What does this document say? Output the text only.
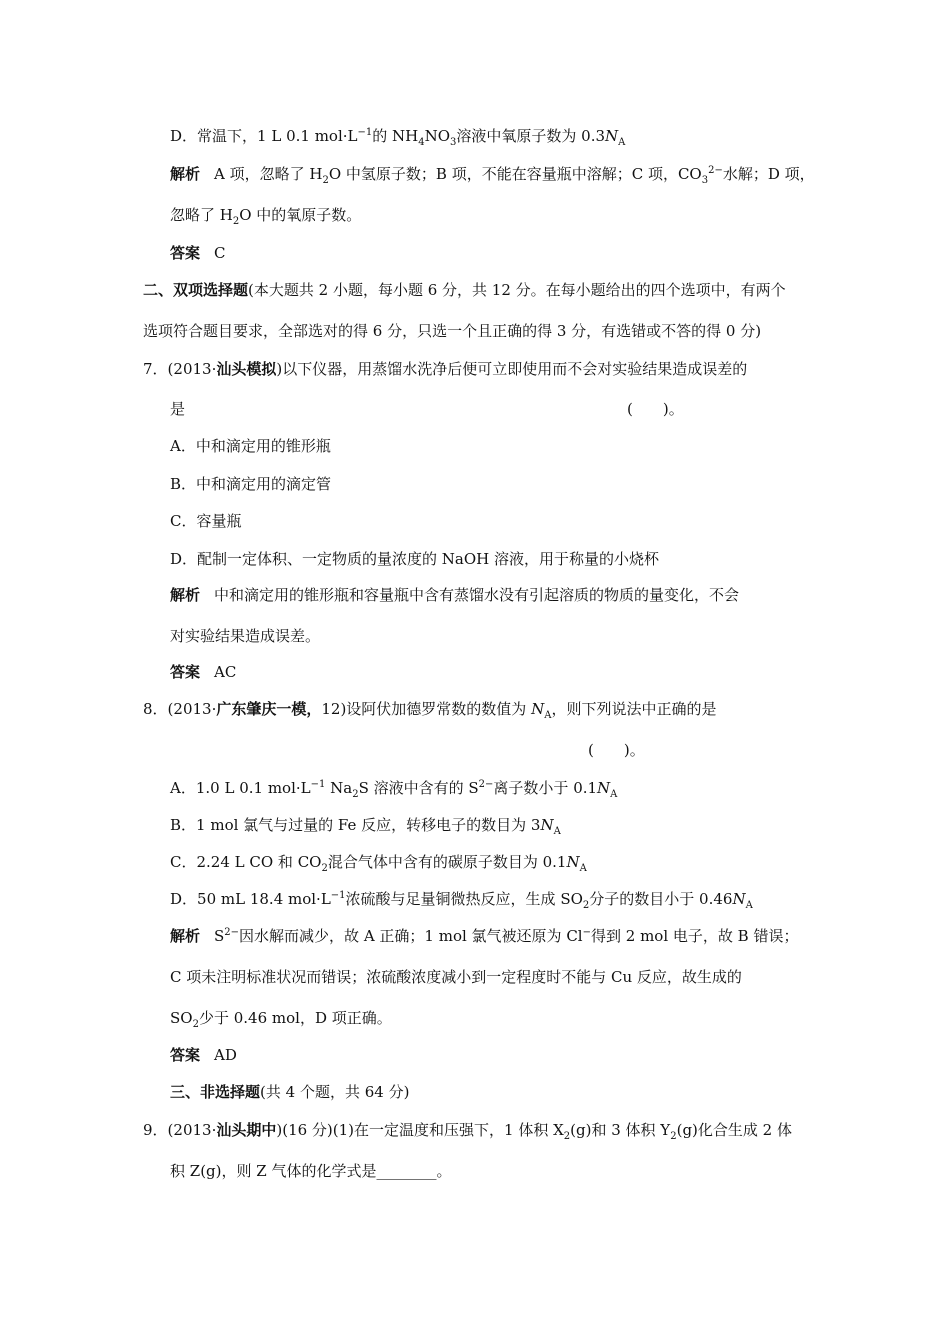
D．常温下，1 L 0.1 $mol\cdot L^{-1}$的 $NH_4NO_3$溶液中氧原子数为 $0.3N_A$
解析 A 项，忽略了 $H_2O$ 中氢原子数；B 项，不能在容量瓶中溶解；C 项，$CO_3^{2-}$水解；D 项，
忽略了 $H_2O$ 中的氧原子数。
答案 C
二、双项选择题(本大题共 2 小题，每小题 6 分，共 12 分。在每小题给出的四个选项中，有两个
选项符合题目要求，全部选对的得 6 分，只选一个且正确的得 3 分，有选错或不答的得 0 分)
7．(2013·汕头模拟)以下仪器，用蒸馏水洗净后便可立即使用而不会对实验结果造成误差的
是	(　　)。
A．中和滴定用的锥形瓶
B．中和滴定用的滴定管
C．容量瓶
D．配制一定体积、一定物质的量浓度的 NaOH 溶液，用于称量的小烧杯
解析 中和滴定用的锥形瓶和容量瓶中含有蒸馏水没有引起溶质的物质的量变化，不会
对实验结果造成误差。
答案 AC
8．(2013·广东肇庆一模，12)设阿伏加德罗常数的数值为 $N_A$，则下列说法中正确的是
(　　)。
A．1.0 L 0.1 $mol\cdot L^{-1}$ $Na_2S$ 溶液中含有的 $S^{2-}$离子数小于 $0.1N_A$
B．1 mol 氯气与过量的 Fe 反应，转移电子的数目为 $3N_A$
C．2.24 L CO 和 $CO_2$混合气体中含有的碳原子数目为 $0.1N_A$
D．50 mL 18.4 $mol\cdot L^{-1}$浓硫酸与足量铜微热反应，生成 $SO_2$分子的数目小于 $0.46N_A$
解析 $S^{2-}$因水解而减少，故 A 正确；1 mol 氯气被还原为 Cl−得到 2 mol 电子，故 B 错误；
C 项未注明标准状况而错误；浓硫酸浓度减小到一定程度时不能与 Cu 反应，故生成的
$SO_2$少于 0.46 mol，D 项正确。
答案 AD
三、非选择题(共 4 个题，共 64 分)
9．(2013·汕头期中)(16 分)(1)在一定温度和压强下，1 体积 $X_2(g)$和 3 体积 $Y_2(g)$化合生成 2 体
积 Z(g)，则 Z 气体的化学式是________。
